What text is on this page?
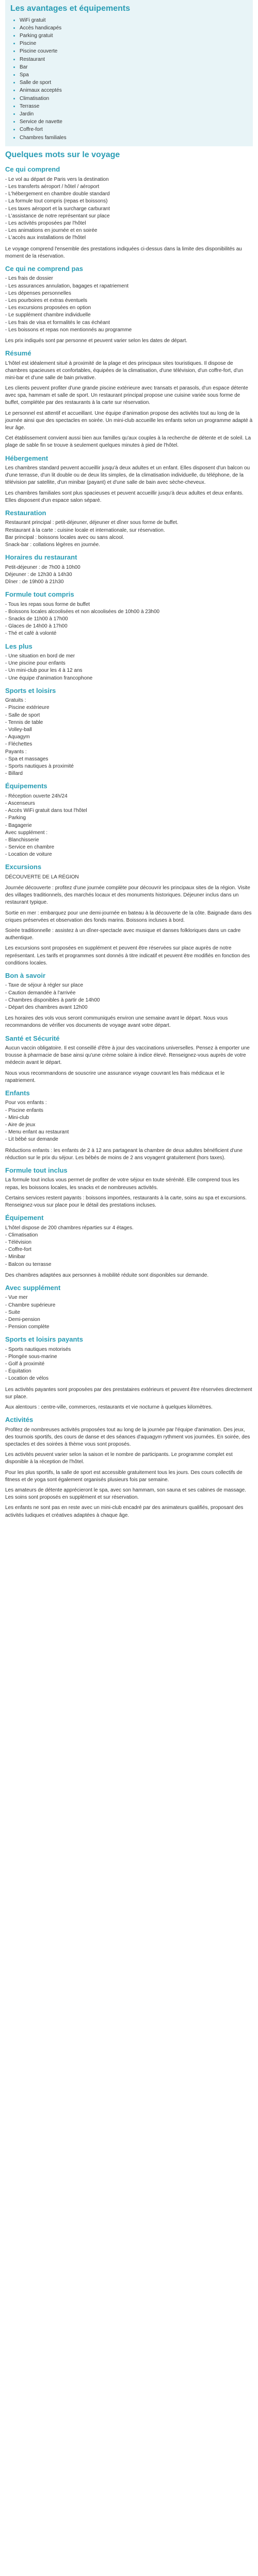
Les avantages et équipements
• WiFi gratuit
• Accès handicapés
• Parking gratuit
• Piscine
• Piscine couverte
• Restaurant
• Bar
• Spa
• Salle de sport
• Animaux acceptés
• Climatisation
• Terrasse
• Jardin
• Service de navette
• Coffre-fort
• Chambres familiales
Quelques mots sur le voyage
Ce qui comprend
- Le vol au départ de Paris vers la destination
- Les transferts aéroport / hôtel / aéroport
- L'hébergement en chambre double standard
- La formule tout compris (repas et boissons)
- Les taxes aéroport et la surcharge carburant
- L'assistance de notre représentant sur place
- Les activités proposées par l'hôtel
- Les animations en journée et en soirée
- L'accès aux installations de l'hôtel

Le voyage comprend l'ensemble des prestations indiquées ci-dessus dans la limite des disponibilités au moment de la réservation.

Ce qui ne comprend pas
- Les frais de dossier
- Les assurances annulation, bagages et rapatriement
- Les dépenses personnelles
- Les pourboires et extras éventuels
- Les excursions proposées en option
- Le supplément chambre individuelle
- Les frais de visa et formalités le cas échéant
- Les boissons et repas non mentionnés au programme

Les prix indiqués sont par personne et peuvent varier selon les dates de départ.

Résumé

L'hôtel est idéalement situé à proximité de la plage et des principaux sites touristiques. Il dispose de chambres spacieuses et confortables, équipées de la climatisation, d'une télévision, d'un coffre-fort, d'un mini-bar et d'une salle de bain privative.

Les clients peuvent profiter d'une grande piscine extérieure avec transats et parasols, d'un espace détente avec spa, hammam et salle de sport. Un restaurant principal propose une cuisine variée sous forme de buffet, complétée par des restaurants à la carte sur réservation.

Le personnel est attentif et accueillant. Une équipe d'animation propose des activités tout au long de la journée ainsi que des spectacles en soirée. Un mini-club accueille les enfants selon un programme adapté à leur âge.

Cet établissement convient aussi bien aux familles qu'aux couples à la recherche de détente et de soleil. La plage de sable fin se trouve à seulement quelques minutes à pied de l'hôtel.

Hébergement

Les chambres standard peuvent accueillir jusqu'à deux adultes et un enfant. Elles disposent d'un balcon ou d'une terrasse, d'un lit double ou de deux lits simples, de la climatisation individuelle, du téléphone, de la télévision par satellite, d'un minibar (payant) et d'une salle de bain avec sèche-cheveux.

Les chambres familiales sont plus spacieuses et peuvent accueillir jusqu'à deux adultes et deux enfants. Elles disposent d'un espace salon séparé.

Restauration
Restaurant principal : petit-déjeuner, déjeuner et dîner sous forme de buffet.
Restaurant à la carte : cuisine locale et internationale, sur réservation.
Bar principal : boissons locales avec ou sans alcool.
Snack-bar : collations légères en journée.
Horaires du restaurant
Petit-déjeuner : de 7h00 à 10h00
Déjeuner : de 12h30 à 14h30
Dîner : de 19h00 à 21h30
Formule tout compris
- Tous les repas sous forme de buffet
- Boissons locales alcoolisées et non alcoolisées de 10h00 à 23h00
- Snacks de 11h00 à 17h00
- Glaces de 14h00 à 17h00
- Thé et café à volonté
Les plus
- Une situation en bord de mer
- Une piscine pour enfants
- Un mini-club pour les 4 à 12 ans
- Une équipe d'animation francophone
Sports et loisirs
Gratuits :
- Piscine extérieure
- Salle de sport
- Tennis de table
- Volley-ball
- Aquagym
- Fléchettes
Payants :
- Spa et massages
- Sports nautiques à proximité
- Billard
Équipements
- Réception ouverte 24h/24
- Ascenseurs
- Accès WiFi gratuit dans tout l'hôtel
- Parking
- Bagagerie
Avec supplément :
- Blanchisserie
- Service en chambre
- Location de voiture
Excursions
DÉCOUVERTE DE LA RÉGION

Journée découverte : profitez d'une journée complète pour découvrir les principaux sites de la région. Visite des villages traditionnels, des marchés locaux et des monuments historiques. Déjeuner inclus dans un restaurant typique.

Sortie en mer : embarquez pour une demi-journée en bateau à la découverte de la côte. Baignade dans des criques préservées et observation des fonds marins. Boissons incluses à bord.

Soirée traditionnelle : assistez à un dîner-spectacle avec musique et danses folkloriques dans un cadre authentique.

Les excursions sont proposées en supplément et peuvent être réservées sur place auprès de notre représentant. Les tarifs et programmes sont donnés à titre indicatif et peuvent être modifiés en fonction des conditions locales.

Bon à savoir
- Taxe de séjour à régler sur place
- Caution demandée à l'arrivée
- Chambres disponibles à partir de 14h00
- Départ des chambres avant 12h00

Les horaires des vols vous seront communiqués environ une semaine avant le départ. Nous vous recommandons de vérifier vos documents de voyage avant votre départ.

Santé et Sécurité

Aucun vaccin obligatoire. Il est conseillé d'être à jour des vaccinations universelles. Pensez à emporter une trousse à pharmacie de base ainsi qu'une crème solaire à indice élevé. Renseignez-vous auprès de votre médecin avant le départ.

Nous vous recommandons de souscrire une assurance voyage couvrant les frais médicaux et le rapatriement.

Enfants
Pour vos enfants :
- Piscine enfants
- Mini-club
- Aire de jeux
- Menu enfant au restaurant
- Lit bébé sur demande

Réductions enfants : les enfants de 2 à 12 ans partageant la chambre de deux adultes bénéficient d'une réduction sur le prix du séjour. Les bébés de moins de 2 ans voyagent gratuitement (hors taxes).

Formule tout inclus

La formule tout inclus vous permet de profiter de votre séjour en toute sérénité. Elle comprend tous les repas, les boissons locales, les snacks et de nombreuses activités.

Certains services restent payants : boissons importées, restaurants à la carte, soins au spa et excursions. Renseignez-vous sur place pour le détail des prestations incluses.

Équipement
L'hôtel dispose de 200 chambres réparties sur 4 étages.
- Climatisation
- Télévision
- Coffre-fort
- Minibar
- Balcon ou terrasse

Des chambres adaptées aux personnes à mobilité réduite sont disponibles sur demande.

Avec supplément
- Vue mer
- Chambre supérieure
- Suite
- Demi-pension
- Pension complète
Sports et loisirs payants
- Sports nautiques motorisés
- Plongée sous-marine
- Golf à proximité
- Équitation
- Location de vélos

Les activités payantes sont proposées par des prestataires extérieurs et peuvent être réservées directement sur place.

Aux alentours : centre-ville, commerces, restaurants et vie nocturne à quelques kilomètres.

Activités

Profitez de nombreuses activités proposées tout au long de la journée par l'équipe d'animation. Des jeux, des tournois sportifs, des cours de danse et des séances d'aquagym rythment vos journées. En soirée, des spectacles et des soirées à thème vous sont proposés.

Les activités peuvent varier selon la saison et le nombre de participants. Le programme complet est disponible à la réception de l'hôtel.

Pour les plus sportifs, la salle de sport est accessible gratuitement tous les jours. Des cours collectifs de fitness et de yoga sont également organisés plusieurs fois par semaine.

Les amateurs de détente apprécieront le spa, avec son hammam, son sauna et ses cabines de massage. Les soins sont proposés en supplément et sur réservation.

Les enfants ne sont pas en reste avec un mini-club encadré par des animateurs qualifiés, proposant des activités ludiques et créatives adaptées à chaque âge.
